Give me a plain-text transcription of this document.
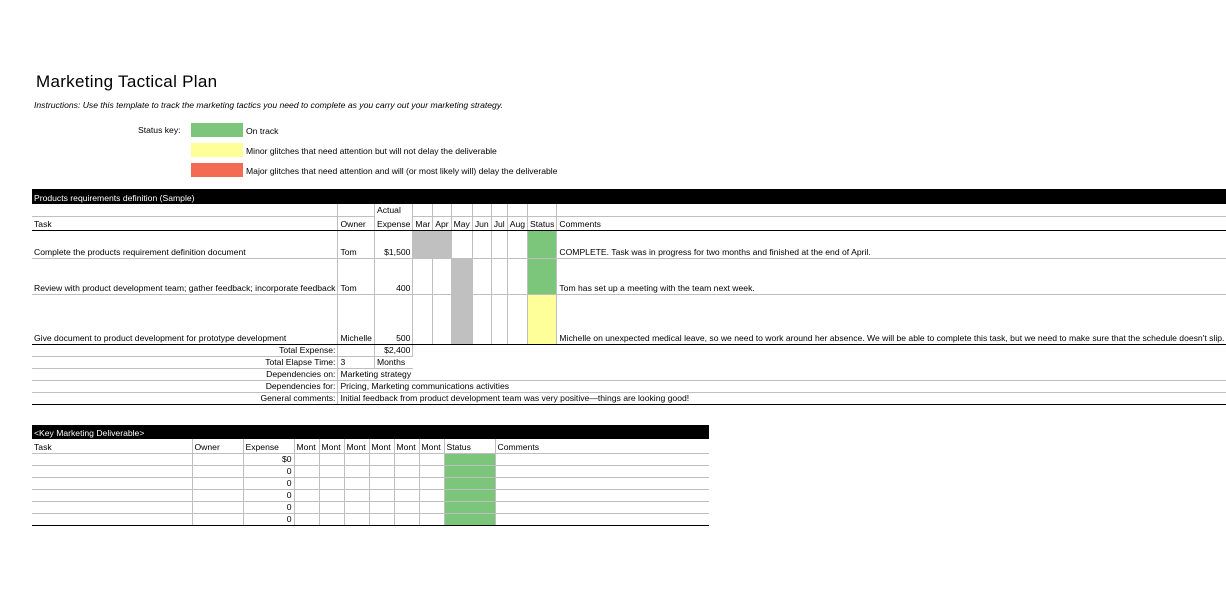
Marketing Tactical Plan
Instructions: Use this template to track the marketing tactics you need to complete as you carry out your marketing strategy.
Status key:	On track
Minor glitches that need attention but will not delay the deliverable
Major glitches that need attention and will (or most likely will) delay the deliverable
Products requirements definition (Sample)										
		Actual								
Task	Owner	Expense	Mar	Apr	May	Jun	Jul	Aug	Status	Comments
Complete the products requirement definition document	Tom	$1,500								COMPLETE. Task was in progress for two months and finished at the end of April.
Review with product development team; gather feedback; incorporate feedback	Tom	400								Tom has set up a meeting with the team next week.
Give document to product development for prototype development	Michelle	500								Michelle on unexpected medical leave, so we need to work around her absence. We will be able to complete this task, but we need to make sure that the schedule doesn't slip.
Total Expense:		$2,400								
Total Elapse Time:	3	Months								
Dependencies on:	Marketing strategy									
Dependencies for:	Pricing, Marketing communications activities									
General comments:	Initial feedback from product development team was very positive—things are looking good!									
<Key Marketing Deliverable>										
Task	Owner	Expense	Mont	Mont	Mont	Mont	Mont	Mont	Status	Comments
		$0								
		0								
		0								
		0								
		0								
		0								
